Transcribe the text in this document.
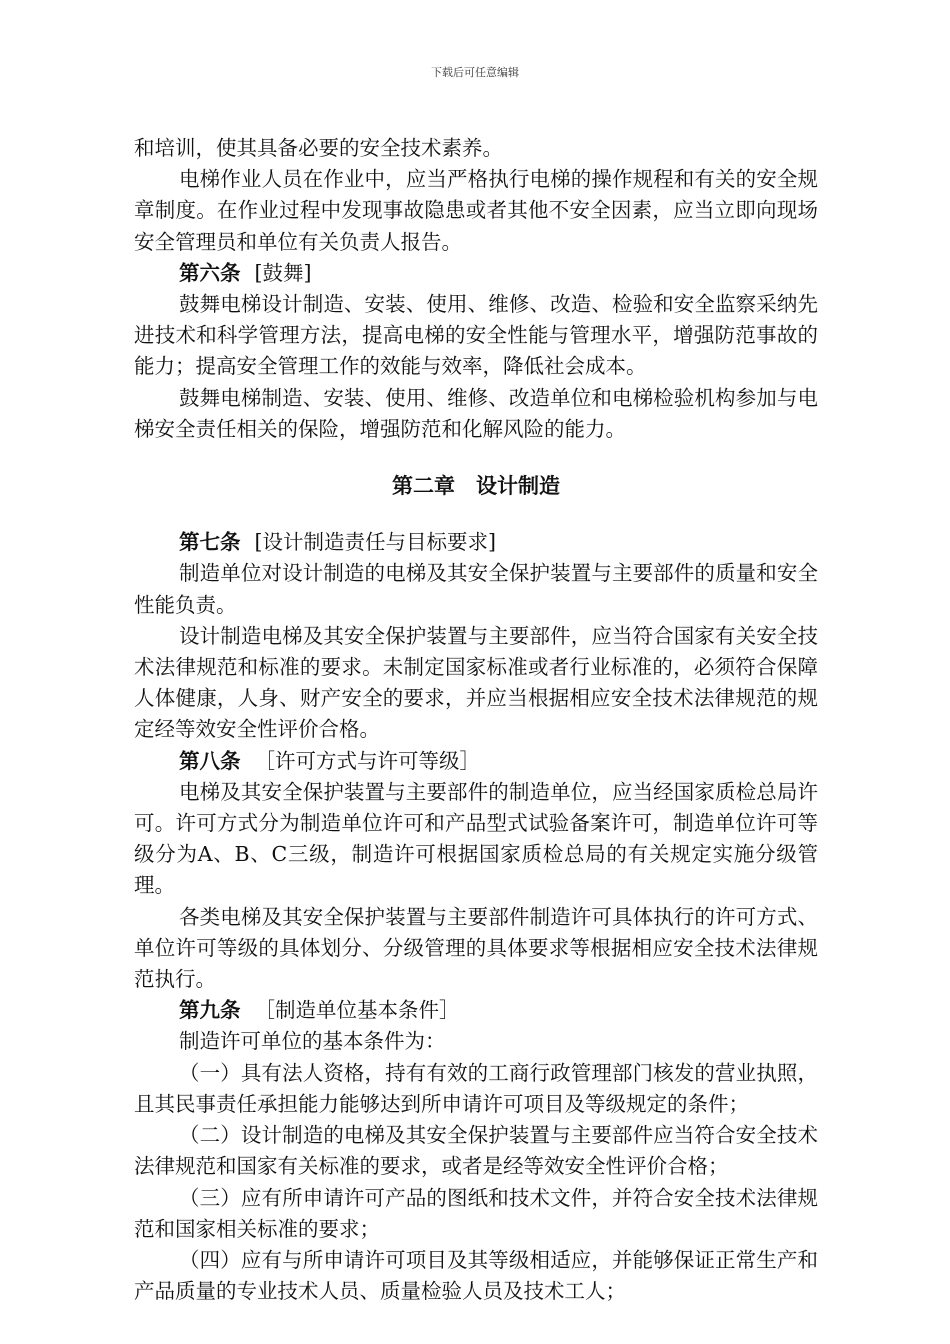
下载后可任意编辑

和培训，使其具备必要的安全技术素养。

电梯作业人员在作业中，应当严格执行电梯的操作规程和有关的安全规章制度。在作业过程中发现事故隐患或者其他不安全因素，应当立即向现场安全管理员和单位有关负责人报告。

第六条 [鼓舞]

鼓舞电梯设计制造、安装、使用、维修、改造、检验和安全监察采纳先进技术和科学管理方法，提高电梯的安全性能与管理水平，增强防范事故的能力；提高安全管理工作的效能与效率，降低社会成本。

鼓舞电梯制造、安装、使用、维修、改造单位和电梯检验机构参加与电梯安全责任相关的保险，增强防范和化解风险的能力。

第二章　设计制造

第七条 [设计制造责任与目标要求]

制造单位对设计制造的电梯及其安全保护装置与主要部件的质量和安全性能负责。

设计制造电梯及其安全保护装置与主要部件，应当符合国家有关安全技术法律规范和标准的要求。未制定国家标准或者行业标准的，必须符合保障人体健康，人身、财产安全的要求，并应当根据相应安全技术法律规范的规定经等效安全性评价合格。

第八条 ［许可方式与许可等级］

电梯及其安全保护装置与主要部件的制造单位，应当经国家质检总局许可。许可方式分为制造单位许可和产品型式试验备案许可，制造单位许可等级分为A、B、C三级，制造许可根据国家质检总局的有关规定实施分级管理。

各类电梯及其安全保护装置与主要部件制造许可具体执行的许可方式、单位许可等级的具体划分、分级管理的具体要求等根据相应安全技术法律规范执行。

第九条 ［制造单位基本条件］

制造许可单位的基本条件为：

（一）具有法人资格，持有有效的工商行政管理部门核发的营业执照，且其民事责任承担能力能够达到所申请许可项目及等级规定的条件；

（二）设计制造的电梯及其安全保护装置与主要部件应当符合安全技术法律规范和国家有关标准的要求，或者是经等效安全性评价合格；

（三）应有所申请许可产品的图纸和技术文件，并符合安全技术法律规范和国家相关标准的要求；

（四）应有与所申请许可项目及其等级相适应，并能够保证正常生产和产品质量的专业技术人员、质量检验人员及技术工人；
